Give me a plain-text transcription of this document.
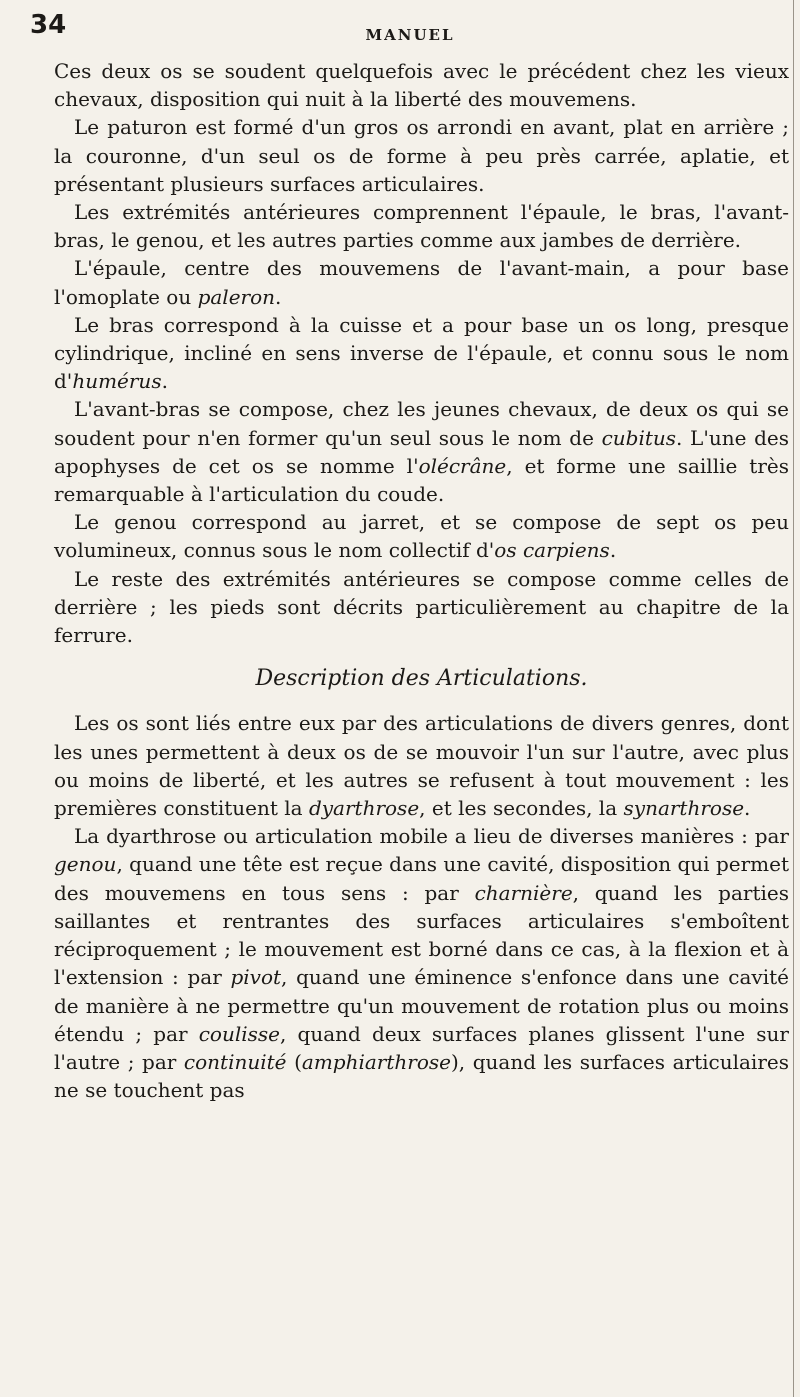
34	MANUEL

Ces deux os se soudent quelquefois avec le précédent chez les vieux chevaux, disposition qui nuit à la liberté des mouvemens.

Le paturon est formé d'un gros os arrondi en avant, plat en arrière ; la couronne, d'un seul os de forme à peu près carrée, aplatie, et présentant plusieurs surfaces articulaires.

Les extrémités antérieures comprennent l'épaule, le bras, l'avant-bras, le genou, et les autres parties comme aux jambes de derrière.

L'épaule, centre des mouvemens de l'avant-main, a pour base l'omoplate ou paleron.

Le bras correspond à la cuisse et a pour base un os long, presque cylindrique, incliné en sens inverse de l'épaule, et connu sous le nom d'humérus.

L'avant-bras se compose, chez les jeunes chevaux, de deux os qui se soudent pour n'en former qu'un seul sous le nom de cubitus. L'une des apophyses de cet os se nomme l'olécrâne, et forme une saillie très remarquable à l'articulation du coude.

Le genou correspond au jarret, et se compose de sept os peu volumineux, connus sous le nom collectif d'os carpiens.

Le reste des extrémités antérieures se compose comme celles de derrière ; les pieds sont décrits particulièrement au chapitre de la ferrure.

Description des Articulations.

Les os sont liés entre eux par des articulations de divers genres, dont les unes permettent à deux os de se mouvoir l'un sur l'autre, avec plus ou moins de liberté, et les autres se refusent à tout mouvement : les premières constituent la dyarthrose, et les secondes, la synarthrose.

La dyarthrose ou articulation mobile a lieu de diverses manières : par genou, quand une tête est reçue dans une cavité, disposition qui permet des mouvemens en tous sens : par charnière, quand les parties saillantes et rentrantes des surfaces articulaires s'emboîtent réciproquement ; le mouvement est borné dans ce cas, à la flexion et à l'extension : par pivot, quand une éminence s'enfonce dans une cavité de manière à ne permettre qu'un mouvement de rotation plus ou moins étendu ; par coulisse, quand deux surfaces planes glissent l'une sur l'autre ; par continuité (amphiarthrose), quand les surfaces articulaires ne se touchent pas
